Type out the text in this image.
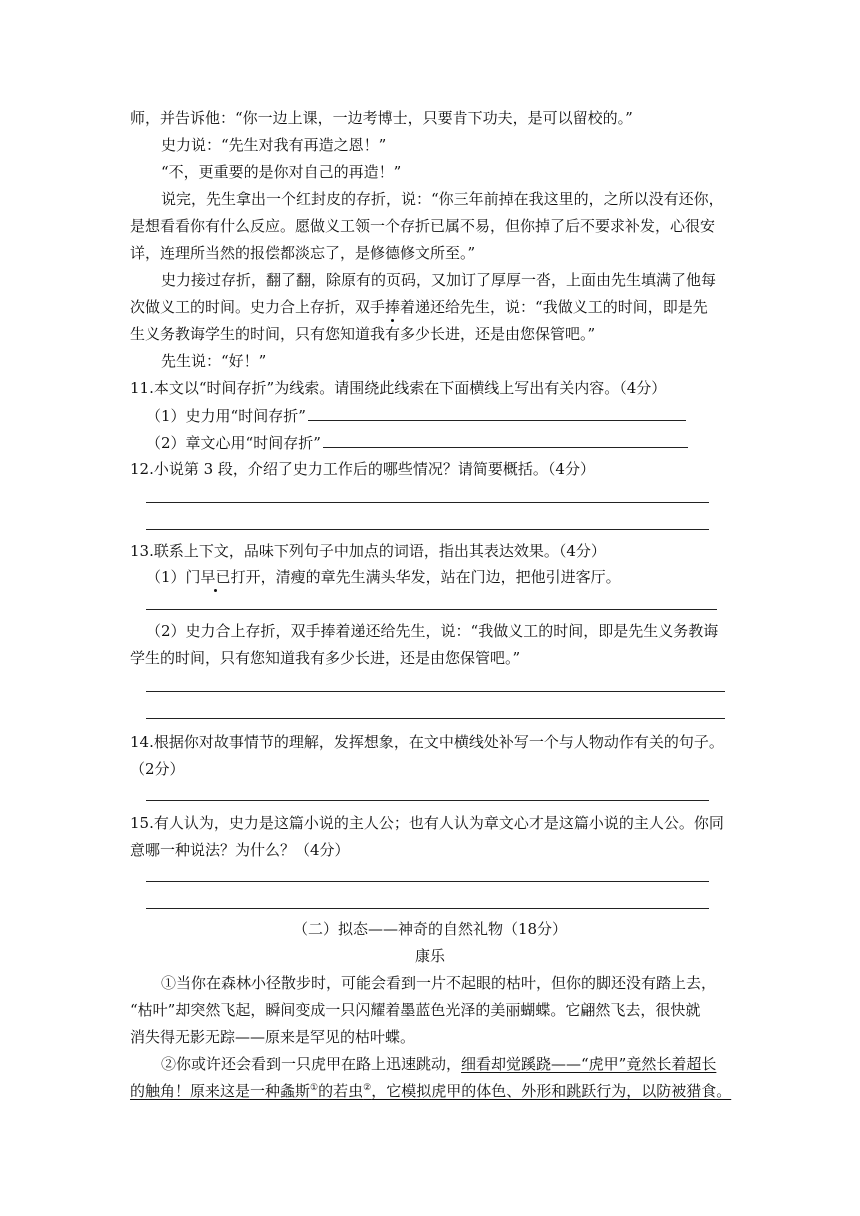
师，并告诉他：“你一边上课，一边考博士，只要肯下功夫，是可以留校的。”
史力说：“先生对我有再造之恩！”
“不，更重要的是你对自己的再造！”
说完，先生拿出一个红封皮的存折，说：“你三年前掉在我这里的，之所以没有还你，
是想看看你有什么反应。愿做义工领一个存折已属不易，但你掉了后不要求补发，心很安
详，连理所当然的报偿都淡忘了，是修德修文所至。”
史力接过存折，翻了翻，除原有的页码，又加订了厚厚一沓，上面由先生填满了他每
次做义工的时间。史力合上存折，双手捧着递还给先生，说：“我做义工的时间，即是先
生义务教诲学生的时间，只有您知道我有多少长进，还是由您保管吧。”
先生说：“好！”
11.本文以“时间存折”为线索。请围绕此线索在下面横线上写出有关内容。（4分）
（1）史力用“时间存折”
（2）章文心用“时间存折”
12.小说第 3 段，介绍了史力工作后的哪些情况？请简要概括。（4分）
13.联系上下文，品味下列句子中加点的词语，指出其表达效果。（4分）
（1）门早已打开，清瘦的章先生满头华发，站在门边，把他引进客厅。
（2）史力合上存折，双手捧着递还给先生，说：“我做义工的时间，即是先生义务教诲
学生的时间，只有您知道我有多少长进，还是由您保管吧。”
14.根据你对故事情节的理解，发挥想象，在文中横线处补写一个与人物动作有关的句子。
（2分）
15.有人认为，史力是这篇小说的主人公；也有人认为章文心才是这篇小说的主人公。你同
意哪一种说法？为什么？（4分）
（二）拟态——神奇的自然礼物（18分）
康乐
①当你在森林小径散步时，可能会看到一片不起眼的枯叶，但你的脚还没有踏上去，
“枯叶”却突然飞起，瞬间变成一只闪耀着墨蓝色光泽的美丽蝴蝶。它翩然飞去，很快就
消失得无影无踪——原来是罕见的枯叶蝶。
②你或许还会看到一只虎甲在路上迅速跳动，细看却觉蹊跷——“虎甲”竟然长着超长
的触角！原来这是一种螽斯①的若虫②，它模拟虎甲的体色、外形和跳跃行为，以防被猎食。
